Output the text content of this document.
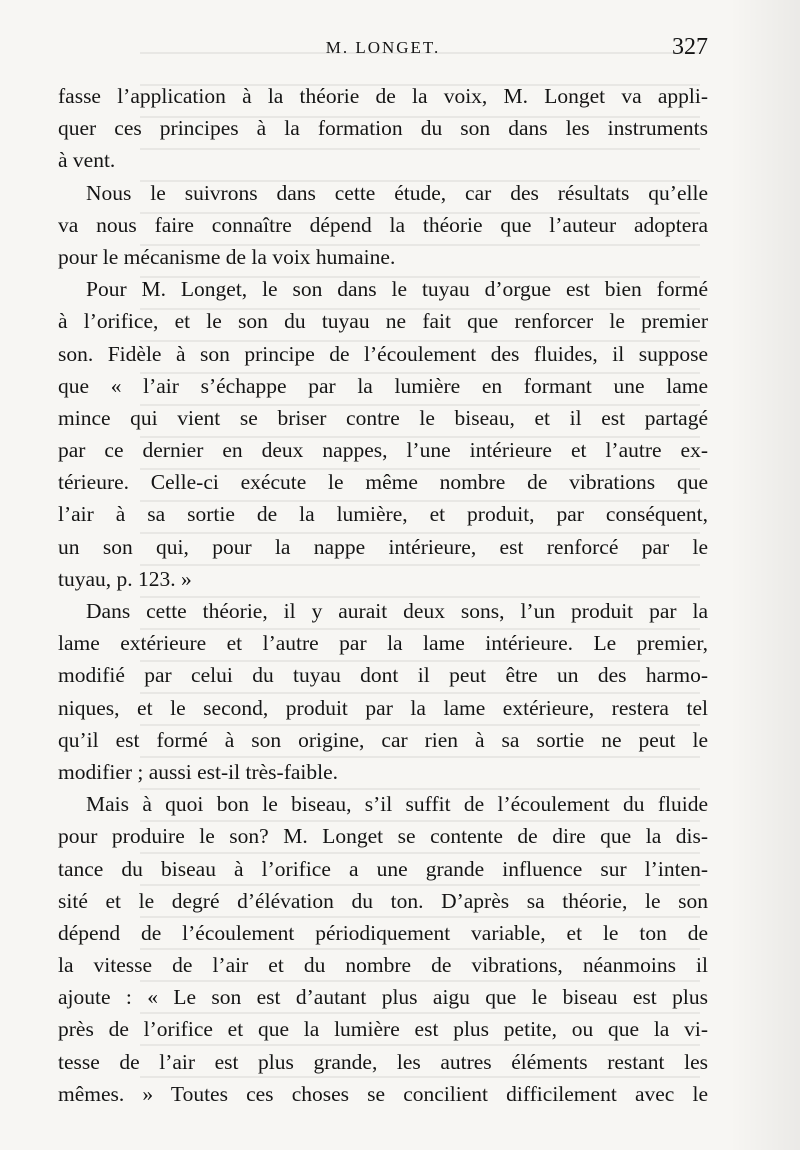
M. LONGET.	327
fasse l’application à la théorie de la voix, M. Longet va appli-
quer ces principes à la formation du son dans les instruments
à vent.
Nous le suivrons dans cette étude, car des résultats qu’elle
va nous faire connaître dépend la théorie que l’auteur adoptera
pour le mécanisme de la voix humaine.
Pour M. Longet, le son dans le tuyau d’orgue est bien formé
à l’orifice, et le son du tuyau ne fait que renforcer le premier
son. Fidèle à son principe de l’écoulement des fluides, il suppose
que « l’air s’échappe par la lumière en formant une lame
mince qui vient se briser contre le biseau, et il est partagé
par ce dernier en deux nappes, l’une intérieure et l’autre ex-
térieure. Celle-ci exécute le même nombre de vibrations que
l’air à sa sortie de la lumière, et produit, par conséquent,
un son qui, pour la nappe intérieure, est renforcé par le
tuyau, p. 123. »
Dans cette théorie, il y aurait deux sons, l’un produit par la
lame extérieure et l’autre par la lame intérieure. Le premier,
modifié par celui du tuyau dont il peut être un des harmo-
niques, et le second, produit par la lame extérieure, restera tel
qu’il est formé à son origine, car rien à sa sortie ne peut le
modifier ; aussi est-il très-faible.
Mais à quoi bon le biseau, s’il suffit de l’écoulement du fluide
pour produire le son? M. Longet se contente de dire que la dis-
tance du biseau à l’orifice a une grande influence sur l’inten-
sité et le degré d’élévation du ton. D’après sa théorie, le son
dépend de l’écoulement périodiquement variable, et le ton de
la vitesse de l’air et du nombre de vibrations, néanmoins il
ajoute : « Le son est d’autant plus aigu que le biseau est plus
près de l’orifice et que la lumière est plus petite, ou que la vi-
tesse de l’air est plus grande, les autres éléments restant les
mêmes. » Toutes ces choses se concilient difficilement avec le
